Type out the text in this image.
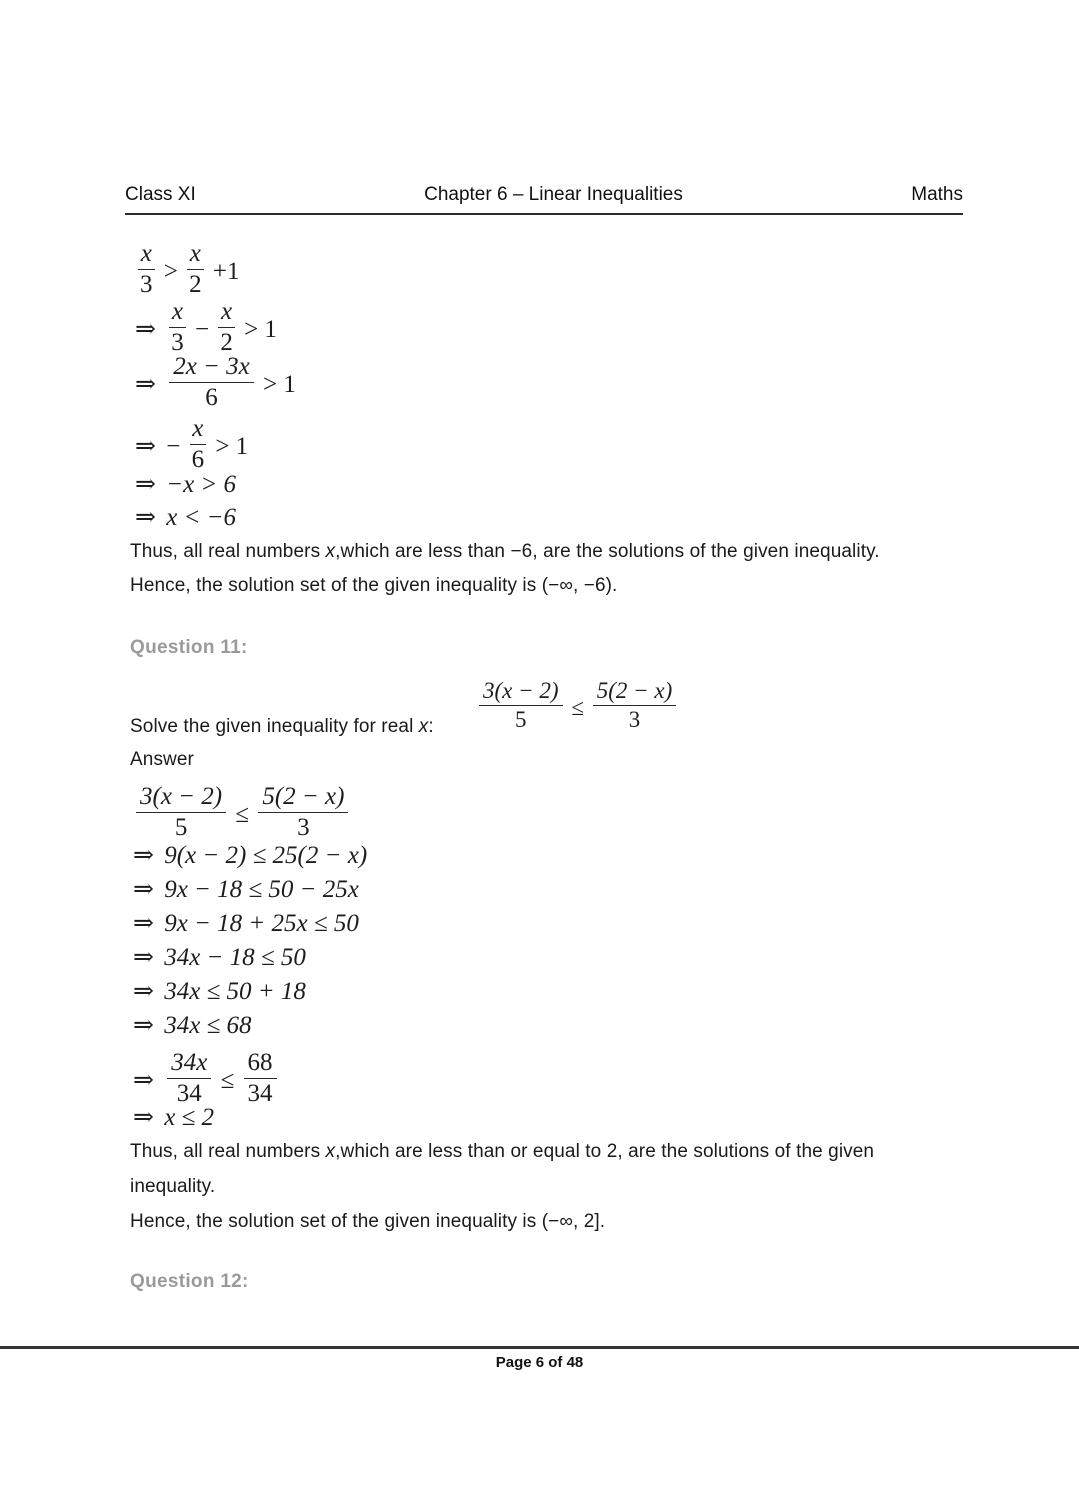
Class XI	Chapter 6 – Linear Inequalities	Maths
$\frac{x}{3} > \frac{x}{2} +1$
⇒ $\frac{x}{3} - \frac{x}{2} > 1$
⇒ $\frac{2x - 3x}{6} > 1$
⇒ − $\frac{x}{6} > 1$
⇒ −x > 6
⇒ x < −6
Thus, all real numbers x,which are less than −6, are the solutions of the given inequality.
Hence, the solution set of the given inequality is (−∞, −6).
Question 11:
Solve the given inequality for real x: $\frac{3(x - 2)}{5} \le \frac{5(2 - x)}{3}$
Answer
$\frac{3(x - 2)}{5} \le \frac{5(2 - x)}{3}$
⇒ 9(x − 2) ≤ 25(2 − x)
⇒ 9x − 18 ≤ 50 − 25x
⇒ 9x − 18 + 25x ≤ 50
⇒ 34x − 18 ≤ 50
⇒ 34x ≤ 50 + 18
⇒ 34x ≤ 68
⇒ $\frac{34x}{34} \le \frac{68}{34}$
⇒ x ≤ 2
Thus, all real numbers x,which are less than or equal to 2, are the solutions of the given
inequality.
Hence, the solution set of the given inequality is (−∞, 2].
Question 12:
Page 6 of 48
